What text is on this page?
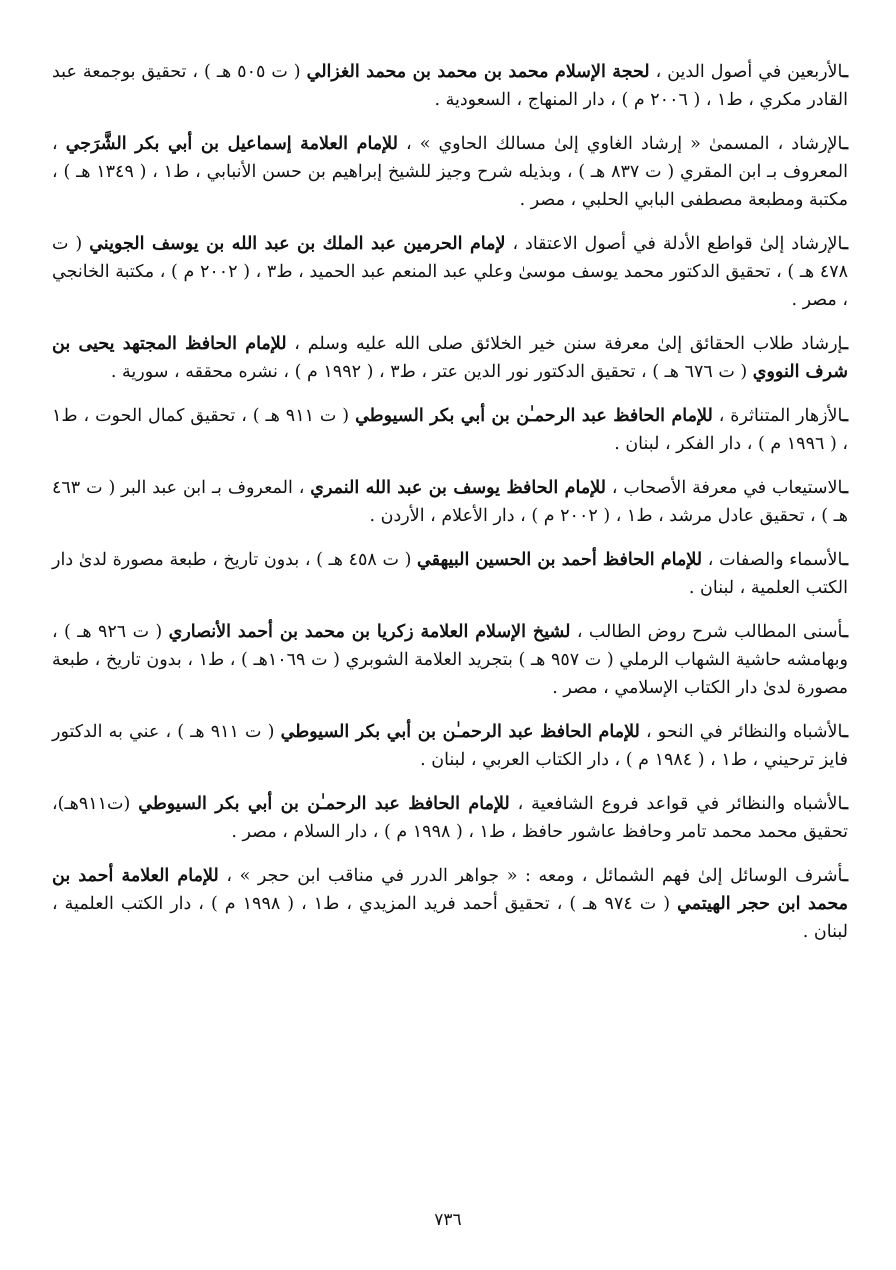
ـالأربعين في أصول الدين ، لحجة الإسلام محمد بن محمد بن محمد الغزالي ( ت ٥٠٥ هـ ) ، تحقيق بوجمعة عبد القادر مكري ، ط١ ، ( ٢٠٠٦ م ) ، دار المنهاج ، السعودية .

ـالإرشاد ، المسمىٰ « إرشاد الغاوي إلىٰ مسالك الحاوي » ، للإمام العلامة إسماعيل بن أبي بكر الشَّرَجي ، المعروف بـ ابن المقري ( ت ٨٣٧ هـ ) ، وبذيله شرح وجيز للشيخ إبراهيم بن حسن الأنبابي ، ط١ ، ( ١٣٤٩ هـ ) ، مكتبة ومطبعة مصطفى البابي الحلبي ، مصر .

ـالإرشاد إلىٰ قواطع الأدلة في أصول الاعتقاد ، لإمام الحرمين عبد الملك بن عبد الله بن يوسف الجويني ( ت ٤٧٨ هـ ) ، تحقيق الدكتور محمد يوسف موسىٰ وعلي عبد المنعم عبد الحميد ، ط٣ ، ( ٢٠٠٢ م ) ، مكتبة الخانجي ، مصر .

ـإرشاد طلاب الحقائق إلىٰ معرفة سنن خير الخلائق صلى الله عليه وسلم ، للإمام الحافظ المجتهد يحيى بن شرف النووي ( ت ٦٧٦ هـ ) ، تحقيق الدكتور نور الدين عتر ، ط٣ ، ( ١٩٩٢ م ) ، نشره محققه ، سورية .

ـالأزهار المتناثرة ، للإمام الحافظ عبد الرحمـٰن بن أبي بكر السيوطي ( ت ٩١١ هـ ) ، تحقيق كمال الحوت ، ط١ ، ( ١٩٩٦ م ) ، دار الفكر ، لبنان .

ـالاستيعاب في معرفة الأصحاب ، للإمام الحافظ يوسف بن عبد الله النمري ، المعروف بـ ابن عبد البر ( ت ٤٦٣ هـ ) ، تحقيق عادل مرشد ، ط١ ، ( ٢٠٠٢ م ) ، دار الأعلام ، الأردن .

ـالأسماء والصفات ، للإمام الحافظ أحمد بن الحسين البيهقي ( ت ٤٥٨ هـ ) ، بدون تاريخ ، طبعة مصورة لدىٰ دار الكتب العلمية ، لبنان .

ـأسنى المطالب شرح روض الطالب ، لشيخ الإسلام العلامة زكريا بن محمد بن أحمد الأنصاري ( ت ٩٢٦ هـ ) ، وبهامشه حاشية الشهاب الرملي ( ت ٩٥٧ هـ ) بتجريد العلامة الشوبري ( ت ١٠٦٩هـ ) ، ط١ ، بدون تاريخ ، طبعة مصورة لدىٰ دار الكتاب الإسلامي ، مصر .

ـالأشباه والنظائر في النحو ، للإمام الحافظ عبد الرحمـٰن بن أبي بكر السيوطي ( ت ٩١١ هـ ) ، عني به الدكتور فايز ترحيني ، ط١ ، ( ١٩٨٤ م ) ، دار الكتاب العربي ، لبنان .

ـالأشباه والنظائر في قواعد فروع الشافعية ، للإمام الحافظ عبد الرحمـٰن بن أبي بكر السيوطي (ت٩١١هـ)، تحقيق محمد محمد تامر وحافظ عاشور حافظ ، ط١ ، ( ١٩٩٨ م ) ، دار السلام ، مصر .

ـأشرف الوسائل إلىٰ فهم الشمائل ، ومعه : « جواهر الدرر في مناقب ابن حجر » ، للإمام العلامة أحمد بن محمد ابن حجر الهيتمي ( ت ٩٧٤ هـ ) ، تحقيق أحمد فريد المزيدي ، ط١ ، ( ١٩٩٨ م ) ، دار الكتب العلمية ، لبنان .

٧٣٦
